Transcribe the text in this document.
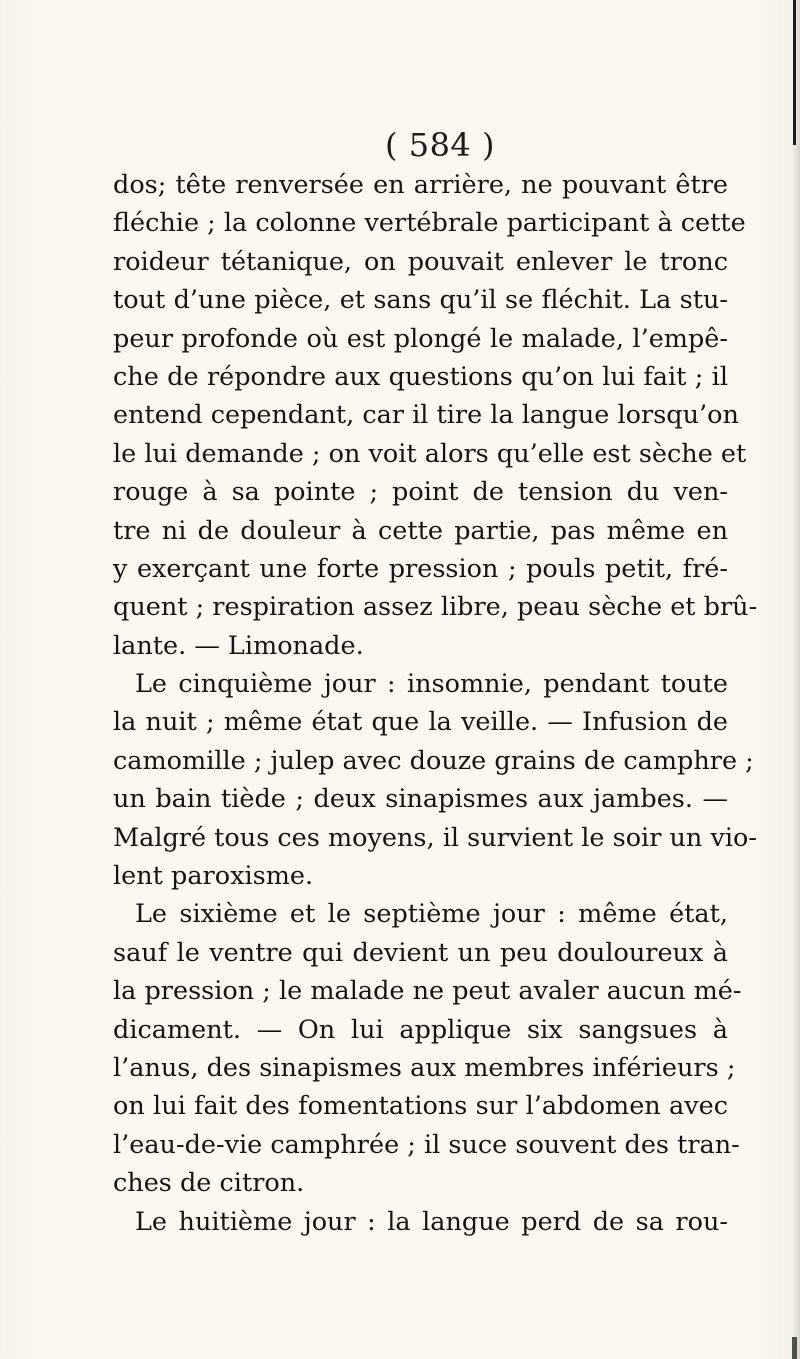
( 584 )
dos; tête renversée en arrière, ne pouvant être
fléchie ; la colonne vertébrale participant à cette
roideur tétanique, on pouvait enlever le tronc
tout d’une pièce, et sans qu’il se fléchit. La stu-
peur profonde où est plongé le malade, l’empê-
che de répondre aux questions qu’on lui fait ; il
entend cependant, car il tire la langue lorsqu’on
le lui demande ; on voit alors qu’elle est sèche et
rouge à sa pointe ; point de tension du ven-
tre ni de douleur à cette partie, pas même en
y exerçant une forte pression ; pouls petit, fré-
quent ; respiration assez libre, peau sèche et brû-
lante. — Limonade.
Le cinquième jour : insomnie, pendant toute
la nuit ; même état que la veille. — Infusion de
camomille ; julep avec douze grains de camphre ;
un bain tiède ; deux sinapismes aux jambes. —
Malgré tous ces moyens, il survient le soir un vio-
lent paroxisme.
Le sixième et le septième jour : même état,
sauf le ventre qui devient un peu douloureux à
la pression ; le malade ne peut avaler aucun mé-
dicament. — On lui applique six sangsues à
l’anus, des sinapismes aux membres inférieurs ;
on lui fait des fomentations sur l’abdomen avec
l’eau-de-vie camphrée ; il suce souvent des tran-
ches de citron.
Le huitième jour : la langue perd de sa rou-
